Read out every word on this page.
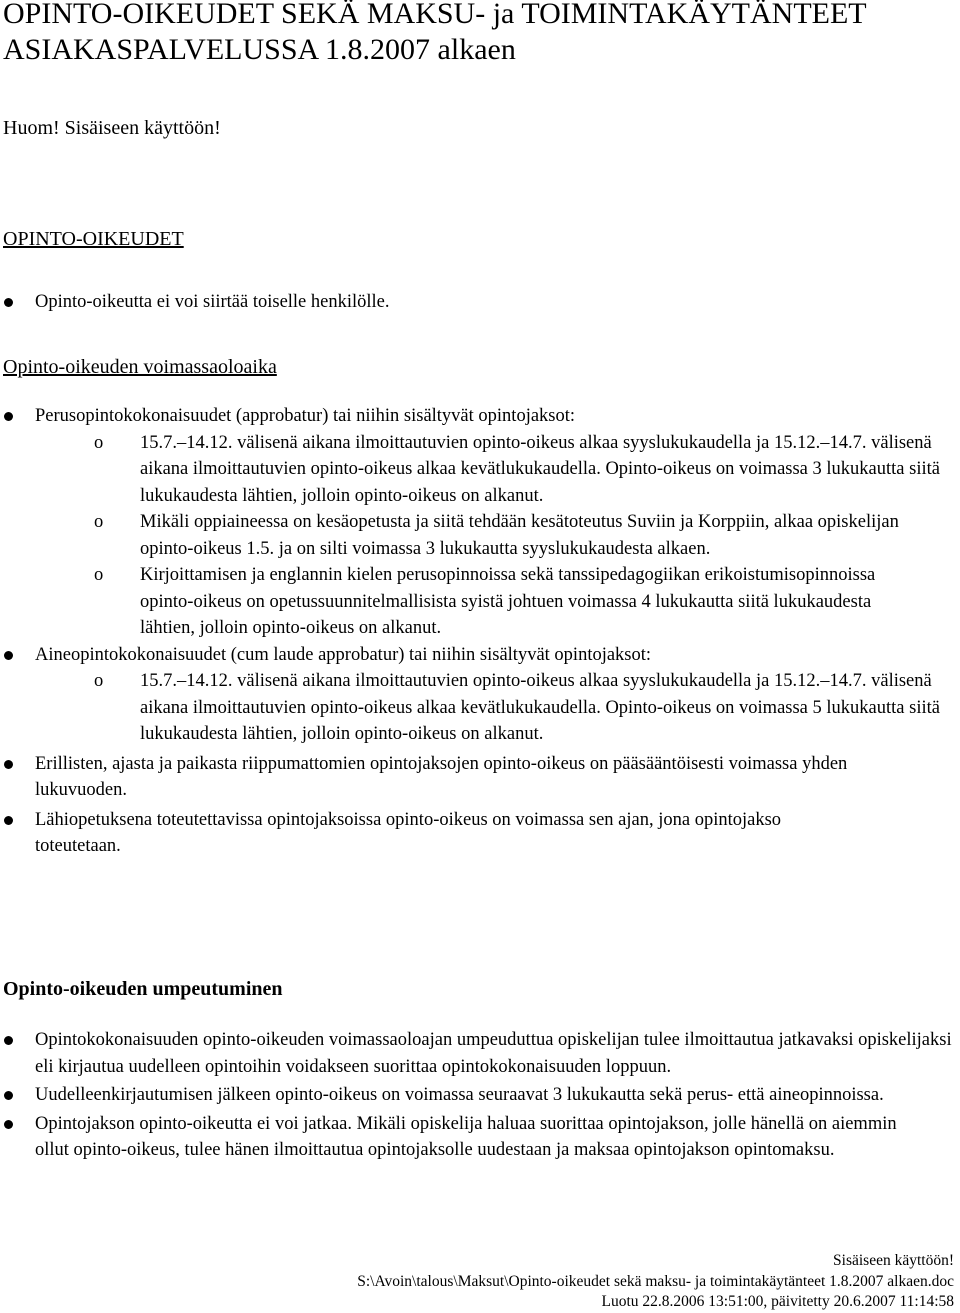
OPINTO-OIKEUDET SEKÄ MAKSU- ja TOIMINTAKÄYTÄNTEET ASIAKASPALVELUSSA 1.8.2007 alkaen
Huom! Sisäiseen käyttöön!
OPINTO-OIKEUDET
Opinto-oikeutta ei voi siirtää toiselle henkilölle.
Opinto-oikeuden voimassaoloaika
Perusopintokokonaisuudet (approbatur) tai niihin sisältyvät opintojaksot:
o 15.7.–14.12. välisenä aikana ilmoittautuvien opinto-oikeus alkaa syyslukukaudella ja 15.12.–14.7. välisenä aikana ilmoittautuvien opinto-oikeus alkaa kevätlukukaudella. Opinto-oikeus on voimassa 3 lukukautta siitä lukukaudesta lähtien, jolloin opinto-oikeus on alkanut.
o Mikäli oppiaineessa on kesäopetusta ja siitä tehdään kesätoteutus Suviin ja Korppiin, alkaa opiskelijan opinto-oikeus 1.5. ja on silti voimassa 3 lukukautta syyslukukaudesta alkaen.
o Kirjoittamisen ja englannin kielen perusopinnoissa sekä tanssipedagogiikan erikoistumisopinnoissa opinto-oikeus on opetussuunnitelmallisista syistä johtuen voimassa 4 lukukautta siitä lukukaudesta lähtien, jolloin opinto-oikeus on alkanut.
Aineopintokokonaisuudet (cum laude approbatur) tai niihin sisältyvät opintojaksot:
o 15.7.–14.12. välisenä aikana ilmoittautuvien opinto-oikeus alkaa syyslukukaudella ja 15.12.–14.7. välisenä aikana ilmoittautuvien opinto-oikeus alkaa kevätlukukaudella. Opinto-oikeus on voimassa 5 lukukautta siitä lukukaudesta lähtien, jolloin opinto-oikeus on alkanut.
Erillisten, ajasta ja paikasta riippumattomien opintojaksojen opinto-oikeus on pääsääntöisesti voimassa yhden lukuvuoden.
Lähiopetuksena toteutettavissa opintojaksoissa opinto-oikeus on voimassa sen ajan, jona opintojakso toteutetaan.
Opinto-oikeuden umpeutuminen
Opintokokonaisuuden opinto-oikeuden voimassaoloajan umpeuduttua opiskelijan tulee ilmoittautua jatkavaksi opiskelijaksi eli kirjautua uudelleen opintoihin voidakseen suorittaa opintokokonaisuuden loppuun.
Uudelleenkirjautumisen jälkeen opinto-oikeus on voimassa seuraavat 3 lukukautta sekä perus- että aineopinnoissa.
Opintojakson opinto-oikeutta ei voi jatkaa. Mikäli opiskelija haluaa suorittaa opintojakson, jolle hänellä on aiemmin ollut opinto-oikeus, tulee hänen ilmoittautua opintojaksolle uudestaan ja maksaa opintojakson opintomaksu.
Sisäiseen käyttöön!
S:\Avoin\talous\Maksut\Opinto-oikeudet sekä maksu- ja toimintakäytänteet 1.8.2007 alkaen.doc
Luotu 22.8.2006 13:51:00, päivitetty 20.6.2007 11:14:58
